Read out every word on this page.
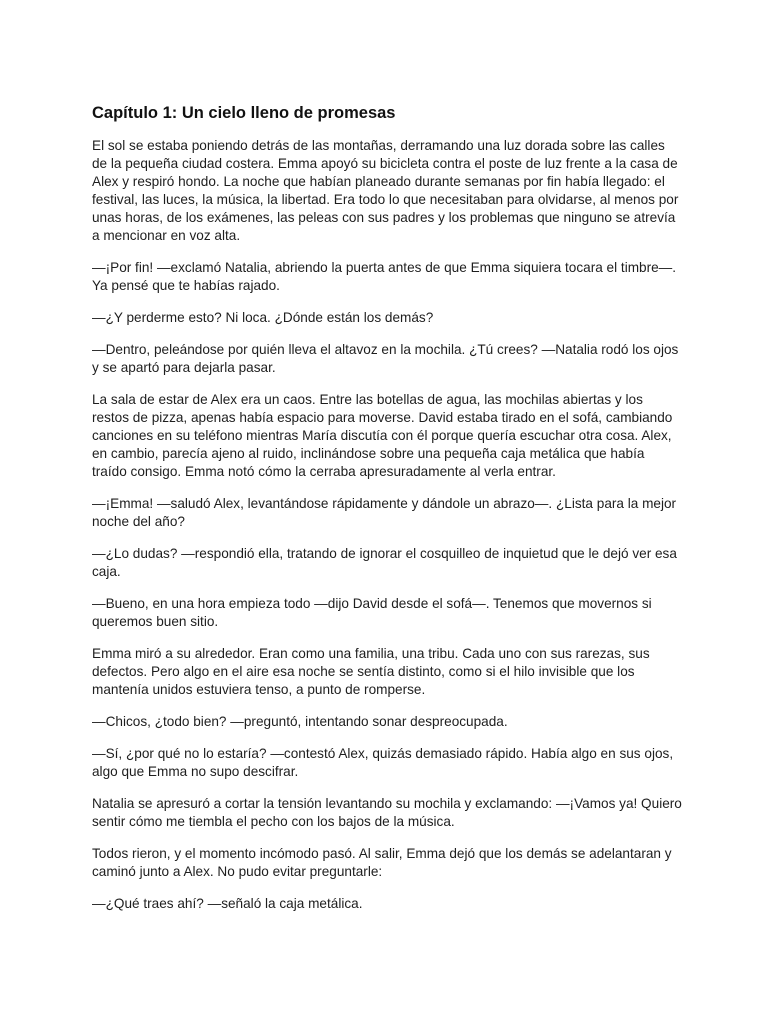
Capítulo 1: Un cielo lleno de promesas

El sol se estaba poniendo detrás de las montañas, derramando una luz dorada sobre las calles de la pequeña ciudad costera. Emma apoyó su bicicleta contra el poste de luz frente a la casa de Alex y respiró hondo. La noche que habían planeado durante semanas por fin había llegado: el festival, las luces, la música, la libertad. Era todo lo que necesitaban para olvidarse, al menos por unas horas, de los exámenes, las peleas con sus padres y los problemas que ninguno se atrevía a mencionar en voz alta.

—¡Por fin! —exclamó Natalia, abriendo la puerta antes de que Emma siquiera tocara el timbre—. Ya pensé que te habías rajado.

—¿Y perderme esto? Ni loca. ¿Dónde están los demás?

—Dentro, peleándose por quién lleva el altavoz en la mochila. ¿Tú crees? —Natalia rodó los ojos y se apartó para dejarla pasar.

La sala de estar de Alex era un caos. Entre las botellas de agua, las mochilas abiertas y los restos de pizza, apenas había espacio para moverse. David estaba tirado en el sofá, cambiando canciones en su teléfono mientras María discutía con él porque quería escuchar otra cosa. Alex, en cambio, parecía ajeno al ruido, inclinándose sobre una pequeña caja metálica que había traído consigo. Emma notó cómo la cerraba apresuradamente al verla entrar.

—¡Emma! —saludó Alex, levantándose rápidamente y dándole un abrazo—. ¿Lista para la mejor noche del año?

—¿Lo dudas? —respondió ella, tratando de ignorar el cosquilleo de inquietud que le dejó ver esa caja.

—Bueno, en una hora empieza todo —dijo David desde el sofá—. Tenemos que movernos si queremos buen sitio.

Emma miró a su alrededor. Eran como una familia, una tribu. Cada uno con sus rarezas, sus defectos. Pero algo en el aire esa noche se sentía distinto, como si el hilo invisible que los mantenía unidos estuviera tenso, a punto de romperse.

—Chicos, ¿todo bien? —preguntó, intentando sonar despreocupada.

—Sí, ¿por qué no lo estaría? —contestó Alex, quizás demasiado rápido. Había algo en sus ojos, algo que Emma no supo descifrar.

Natalia se apresuró a cortar la tensión levantando su mochila y exclamando: —¡Vamos ya! Quiero sentir cómo me tiembla el pecho con los bajos de la música.

Todos rieron, y el momento incómodo pasó. Al salir, Emma dejó que los demás se adelantaran y caminó junto a Alex. No pudo evitar preguntarle:

—¿Qué traes ahí? —señaló la caja metálica.
